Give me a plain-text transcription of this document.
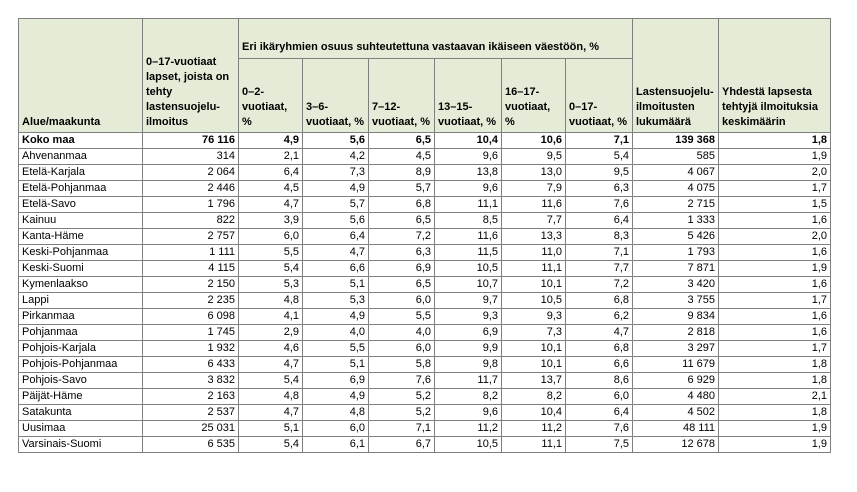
Alue/maakunta	0–17-vuotiaat lapset, joista on tehty lastensuojelu-ilmoitus	Eri ikäryhmien osuus suhteutettuna vastaavan ikäiseen väestöön, %						Lastensuojelu-ilmoitusten lukumäärä	Yhdestä lapsesta tehtyjä ilmoituksia keskimäärin
		0–2-vuotiaat, %	3–6-vuotiaat, %	7–12-vuotiaat, %	13–15-vuotiaat, %	16–17-vuotiaat, %	0–17-vuotiaat, %		
Koko maa	76 116	4,9	5,6	6,5	10,4	10,6	7,1	139 368	1,8
Ahvenanmaa	314	2,1	4,2	4,5	9,6	9,5	5,4	585	1,9
Etelä-Karjala	2 064	6,4	7,3	8,9	13,8	13,0	9,5	4 067	2,0
Etelä-Pohjanmaa	2 446	4,5	4,9	5,7	9,6	7,9	6,3	4 075	1,7
Etelä-Savo	1 796	4,7	5,7	6,8	11,1	11,6	7,6	2 715	1,5
Kainuu	822	3,9	5,6	6,5	8,5	7,7	6,4	1 333	1,6
Kanta-Häme	2 757	6,0	6,4	7,2	11,6	13,3	8,3	5 426	2,0
Keski-Pohjanmaa	1 111	5,5	4,7	6,3	11,5	11,0	7,1	1 793	1,6
Keski-Suomi	4 115	5,4	6,6	6,9	10,5	11,1	7,7	7 871	1,9
Kymenlaakso	2 150	5,3	5,1	6,5	10,7	10,1	7,2	3 420	1,6
Lappi	2 235	4,8	5,3	6,0	9,7	10,5	6,8	3 755	1,7
Pirkanmaa	6 098	4,1	4,9	5,5	9,3	9,3	6,2	9 834	1,6
Pohjanmaa	1 745	2,9	4,0	4,0	6,9	7,3	4,7	2 818	1,6
Pohjois-Karjala	1 932	4,6	5,5	6,0	9,9	10,1	6,8	3 297	1,7
Pohjois-Pohjanmaa	6 433	4,7	5,1	5,8	9,8	10,1	6,6	11 679	1,8
Pohjois-Savo	3 832	5,4	6,9	7,6	11,7	13,7	8,6	6 929	1,8
Päijät-Häme	2 163	4,8	4,9	5,2	8,2	8,2	6,0	4 480	2,1
Satakunta	2 537	4,7	4,8	5,2	9,6	10,4	6,4	4 502	1,8
Uusimaa	25 031	5,1	6,0	7,1	11,2	11,2	7,6	48 111	1,9
Varsinais-Suomi	6 535	5,4	6,1	6,7	10,5	11,1	7,5	12 678	1,9
